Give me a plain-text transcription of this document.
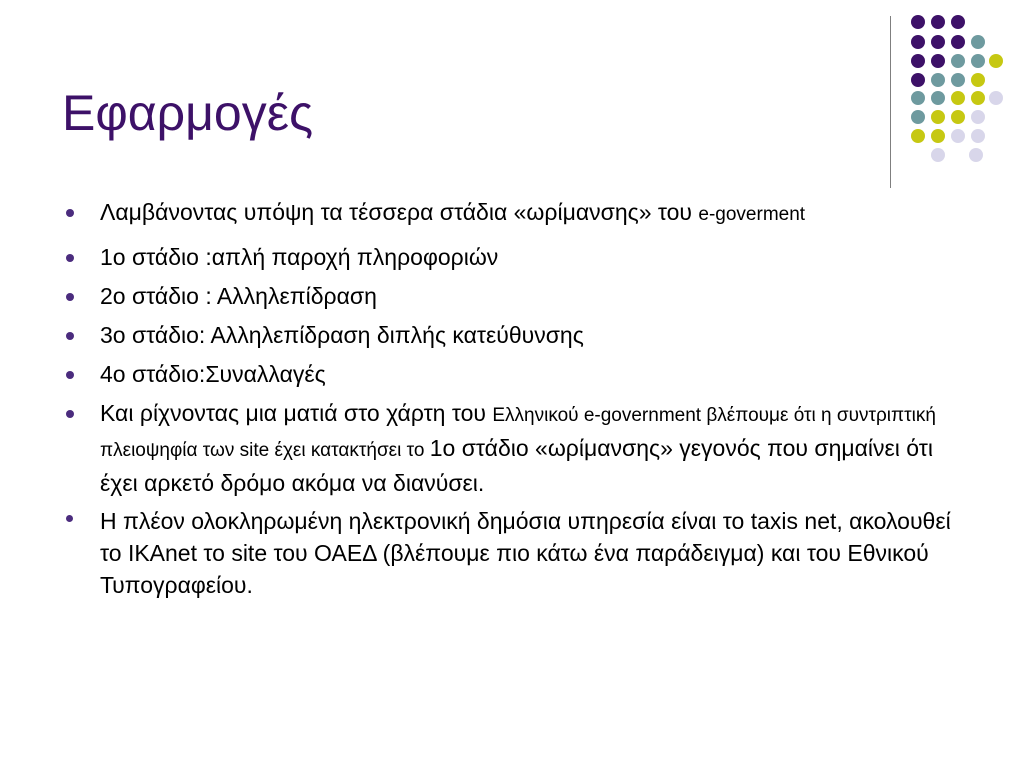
Εφαρμογές
Λαμβάνοντας υπόψη τα τέσσερα στάδια «ωρίμανσης» του e-goverment
1ο στάδιο :απλή παροχή πληροφοριών
2ο στάδιο : Αλληλεπίδραση
3ο στάδιο: Αλληλεπίδραση διπλής κατεύθυνσης
4ο στάδιο:Συναλλαγές
Και ρίχνοντας μια ματιά στο χάρτη του Ελληνικού e-government βλέπουμε ότι η συντριπτική πλειοψηφία των site έχει κατακτήσει το 1ο στάδιο «ωρίμανσης» γεγονός που σημαίνει ότι έχει αρκετό δρόμο ακόμα να διανύσει.
Η πλέον ολοκληρωμένη ηλεκτρονική δημόσια υπηρεσία είναι το taxis net, ακολουθεί το ΙΚΑnet το site του ΟΑΕΔ (βλέπουμε πιο κάτω ένα παράδειγμα) και του Εθνικού Τυπογραφείου.
